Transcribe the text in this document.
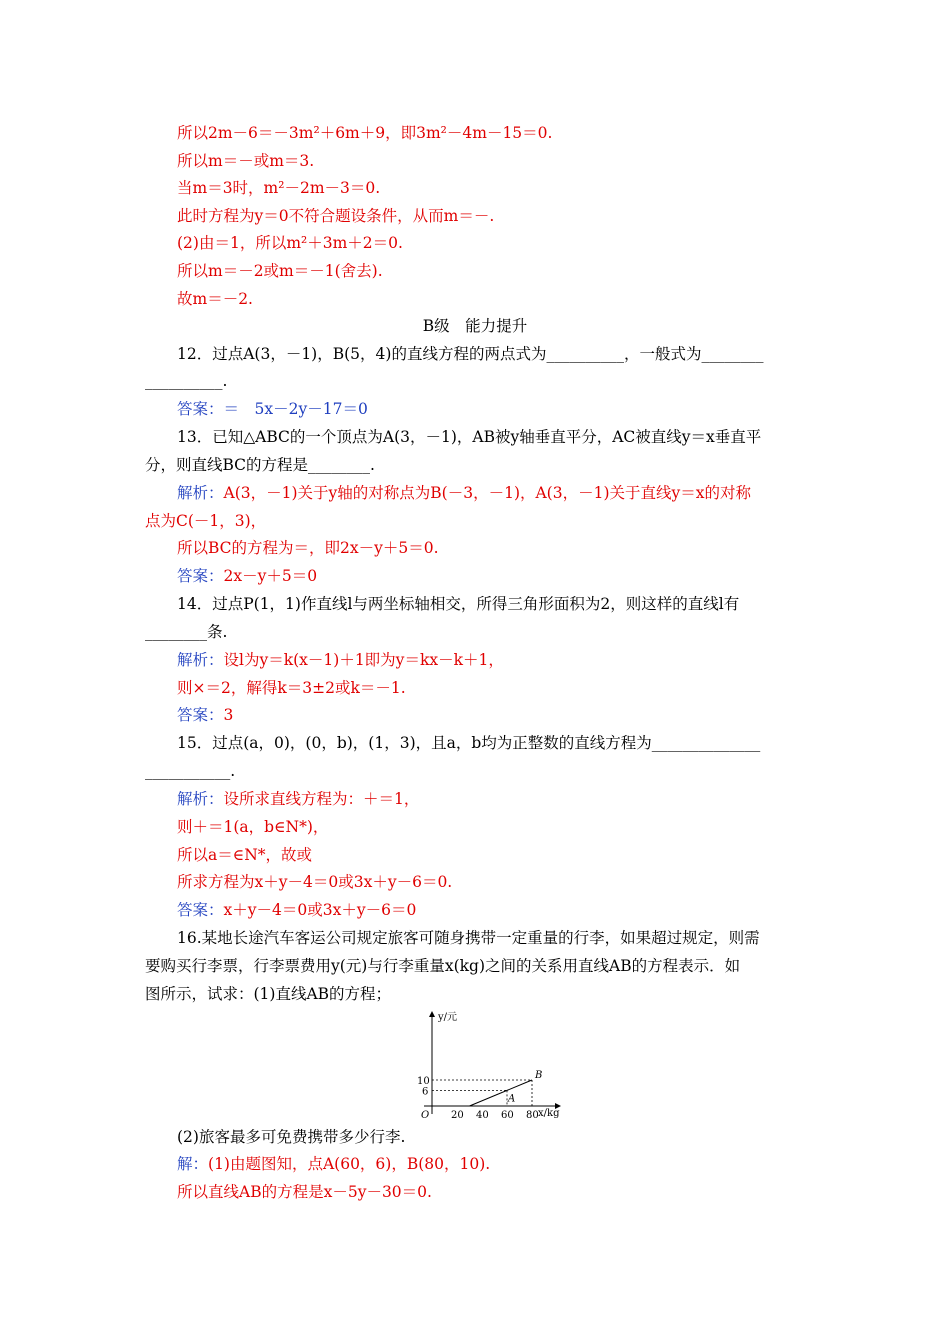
所以2m－6＝－3m²＋6m＋9，即3m²－4m－15＝0.
所以m＝－或m＝3.
当m＝3时，m²－2m－3＝0.
此时方程为y＝0不符合题设条件，从而m＝－.
(2)由＝1，所以m²＋3m＋2＝0.
所以m＝－2或m＝－1(舍去).
故m＝－2.
B级　能力提升
12．过点A(3，－1)，B(5，4)的直线方程的两点式为__________，一般式为________
__________.
答案：＝　5x－2y－17＝0
13．已知△ABC的一个顶点为A(3，－1)，AB被y轴垂直平分，AC被直线y＝x垂直平
分，则直线BC的方程是________.
解析：A(3，－1)关于y轴的对称点为B(－3，－1)，A(3，－1)关于直线y＝x的对称
点为C(－1，3)，
所以BC的方程为＝，即2x－y＋5＝0.
答案：2x－y＋5＝0
14．过点P(1，1)作直线l与两坐标轴相交，所得三角形面积为2，则这样的直线l有
________条.
解析：设l为y＝k(x－1)＋1即为y＝kx－k＋1，
则×＝2，解得k＝3±2或k＝－1.
答案：3
15．过点(a，0)，(0，b)，(1，3)，且a，b均为正整数的直线方程为______________
___________.
解析：设所求直线方程为：＋＝1，
则＋＝1(a，b∈N*)，
所以a＝∈N*，故或
所求方程为x＋y－4＝0或3x＋y－6＝0.
答案：x＋y－4＝0或3x＋y－6＝0
16.某地长途汽车客运公司规定旅客可随身携带一定重量的行李，如果超过规定，则需
要购买行李票，行李票费用y(元)与行李重量x(kg)之间的关系用直线AB的方程表示．如
图所示，试求：(1)直线AB的方程；
y/元
x/kg
O 20 40 60 80
6
10
A
B
(2)旅客最多可免费携带多少行李.
解：(1)由题图知，点A(60，6)，B(80，10).
所以直线AB的方程是x－5y－30＝0.
